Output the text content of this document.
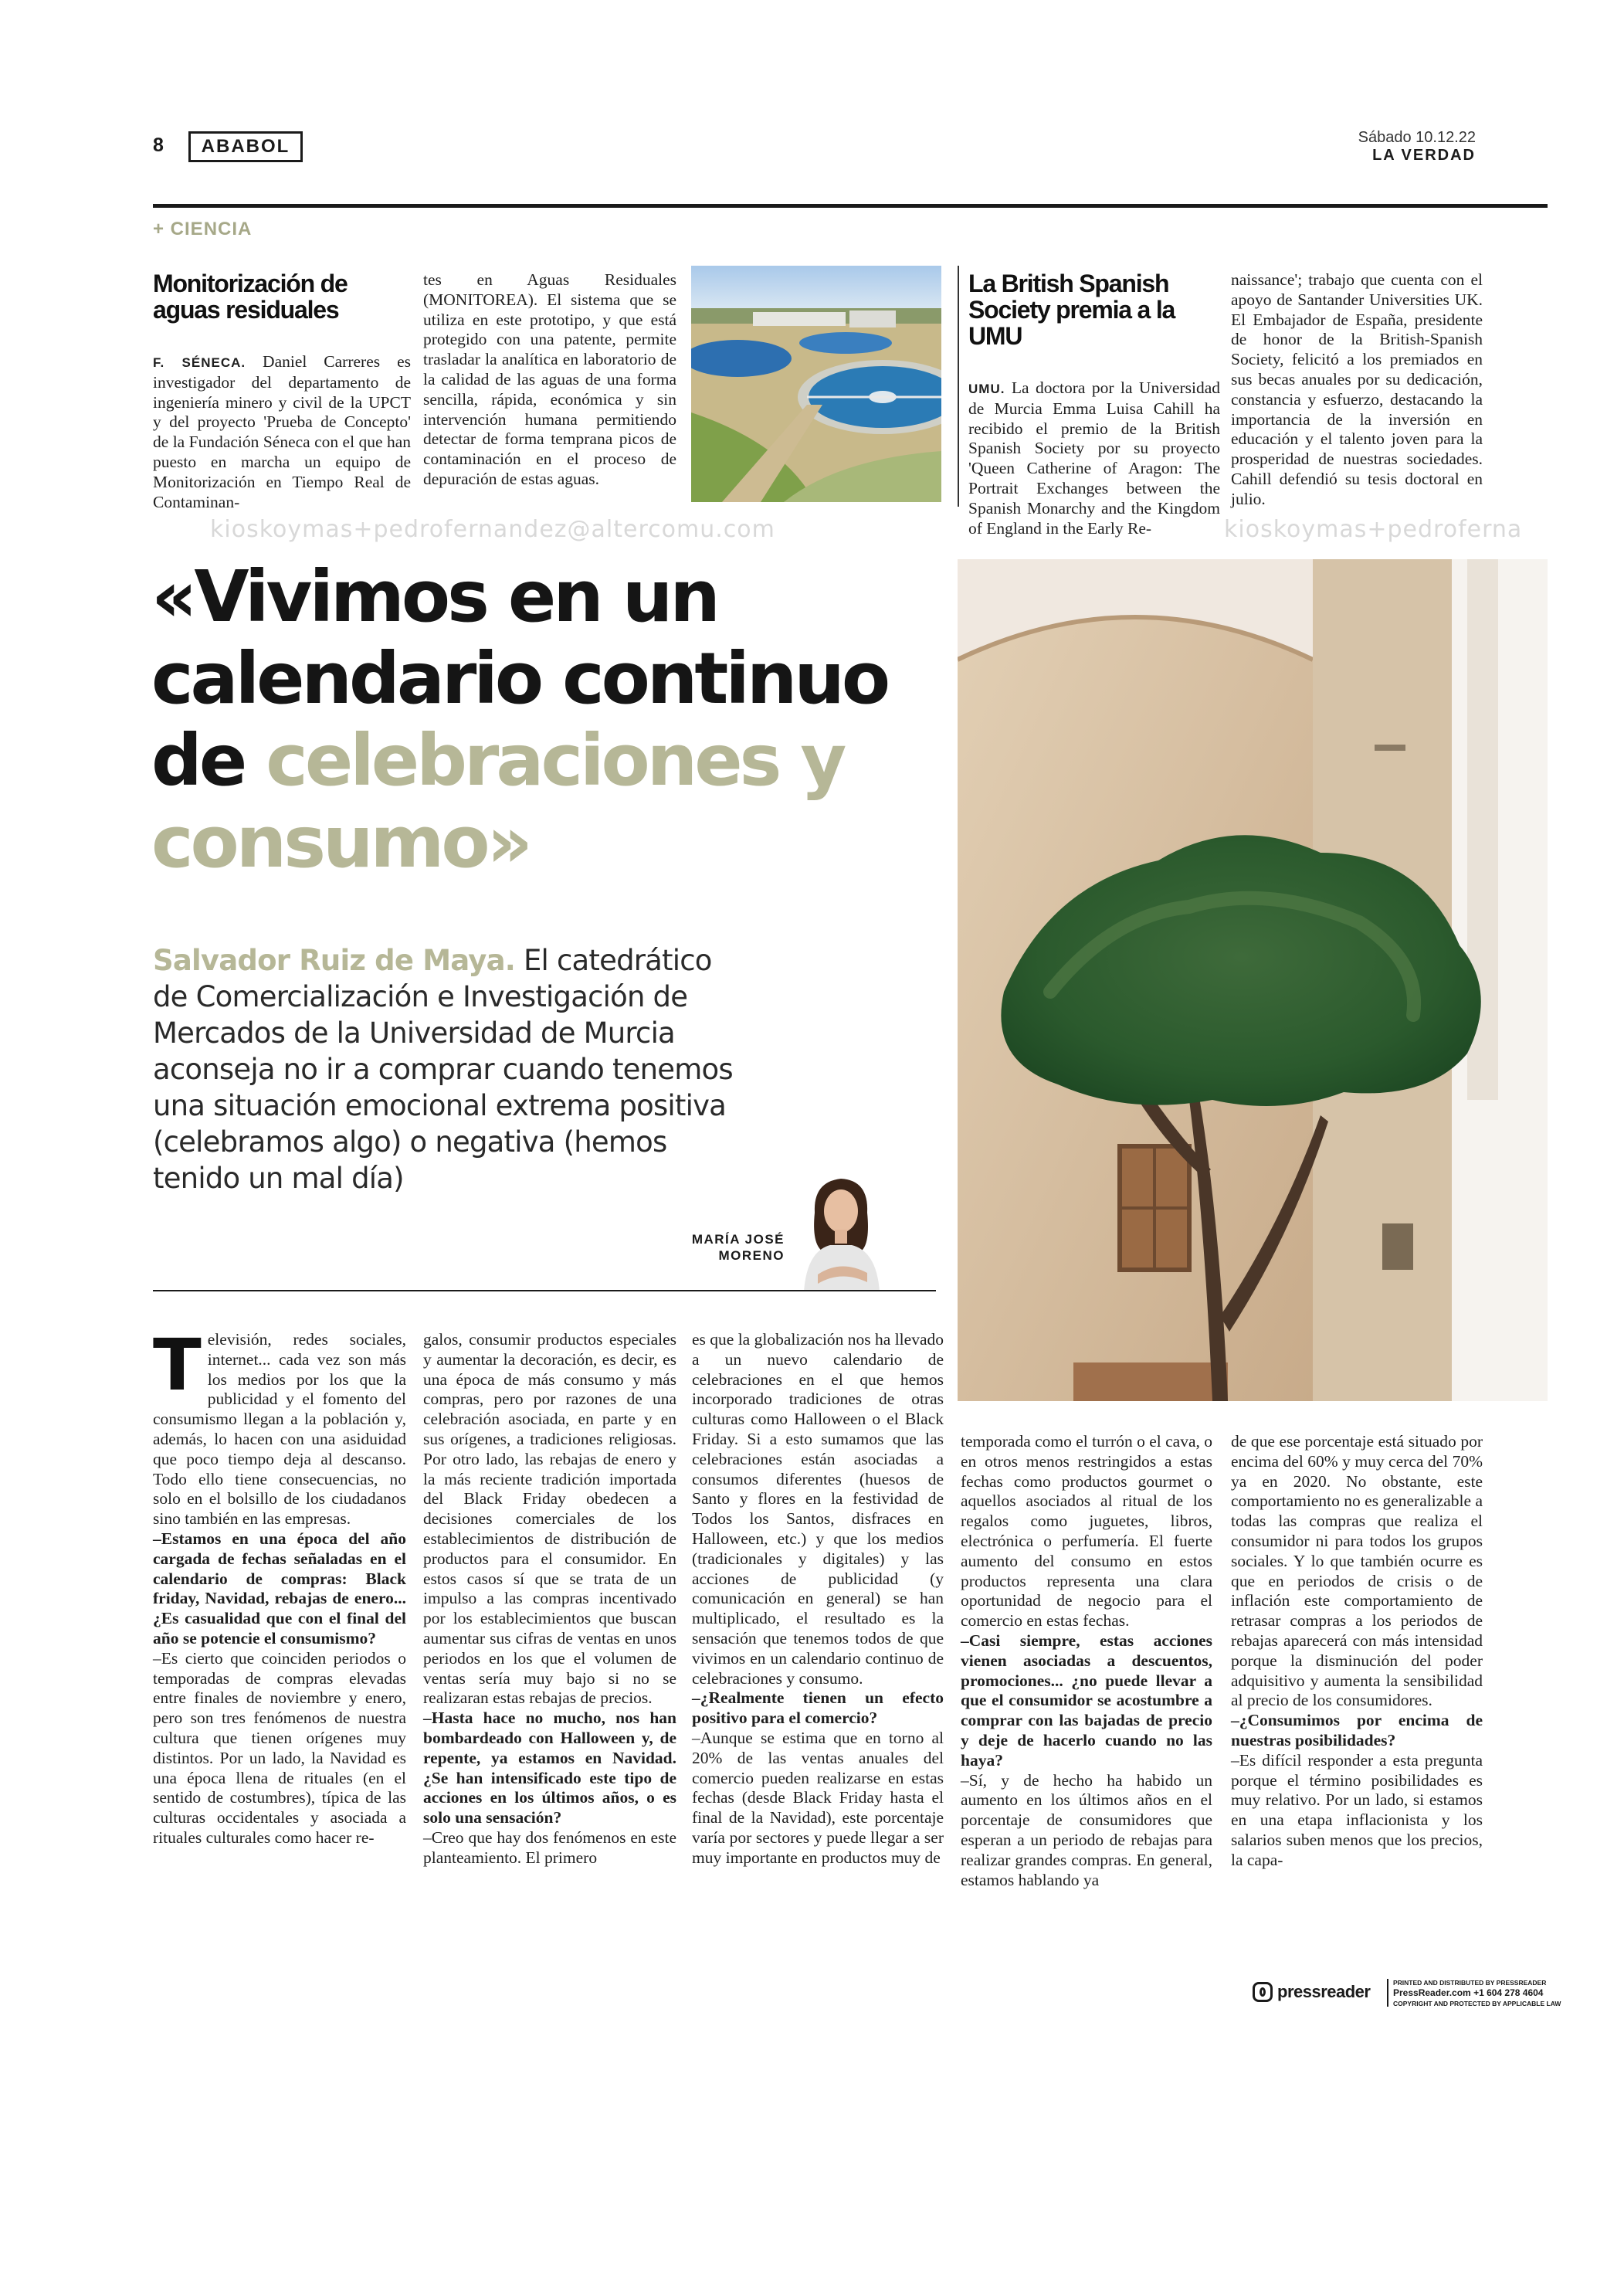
8	ABABOL	Sábado 10.12.22
LA VERDAD
+ CIENCIA
Monitorización de aguas residuales
F. SÉNECA. Daniel Carreres es investigador del departamento de ingeniería minero y civil de la UPCT y del proyecto 'Prueba de Concepto' de la Fundación Séneca con el que han puesto en marcha un equipo de Monitorización en Tiempo Real de Contaminan-
tes en Aguas Residuales (MONITOREA). El sistema que se utiliza en este prototipo, y que está protegido con una patente, permite trasladar la analítica en laboratorio de la calidad de las aguas de una forma sencilla, rápida, económica y sin intervención humana permitiendo detectar de forma temprana picos de contaminación en el proceso de depuración de estas aguas.
La British Spanish Society premia a la UMU
UMU. La doctora por la Universidad de Murcia Emma Luisa Cahill ha recibido el premio de la British Spanish Society por su proyecto 'Queen Catherine of Aragon: The Portrait Exchanges between the Spanish Monarchy and the Kingdom of England in the Early Re-
naissance'; trabajo que cuenta con el apoyo de Santander Universities UK. El Embajador de España, presidente de honor de la British-Spanish Society, felicitó a los premiados en sus becas anuales por su dedicación, constancia y esfuerzo, destacando la importancia de la inversión en educación y el talento joven para la prosperidad de nuestras sociedades. Cahill defendió su tesis doctoral en julio.
kioskoymas+pedrofernandez@altercomu.com	kioskoymas+pedroferna
«Vivimos en un calendario continuo de celebraciones y consumo»
Salvador Ruiz de Maya. El catedrático de Comercialización e Investigación de Mercados de la Universidad de Murcia aconseja no ir a comprar cuando tenemos una situación emocional extrema positiva (celebramos algo) o negativa (hemos tenido un mal día)
MARÍA JOSÉ
MORENO
Televisión, redes sociales, internet... cada vez son más los medios por los que la publicidad y el fomento del consumismo llegan a la población y, además, lo hacen con una asiduidad que poco tiempo deja al descanso. Todo ello tiene consecuencias, no solo en el bolsillo de los ciudadanos sino también en las empresas.
–Estamos en una época del año cargada de fechas señaladas en el calendario de compras: Black friday, Navidad, rebajas de enero... ¿Es casualidad que con el final del año se potencie el consumismo?
–Es cierto que coinciden periodos o temporadas de compras elevadas entre finales de noviembre y enero, pero son tres fenómenos de nuestra cultura que tienen orígenes muy distintos. Por un lado, la Navidad es una época llena de rituales (en el sentido de costumbres), típica de las culturas occidentales y asociada a rituales culturales como hacer re-
galos, consumir productos especiales y aumentar la decoración, es decir, es una época de más consumo y más compras, pero por razones de una celebración asociada, en parte y en sus orígenes, a tradiciones religiosas. Por otro lado, las rebajas de enero y la más reciente tradición importada del Black Friday obedecen a decisiones comerciales de los establecimientos de distribución de productos para el consumidor. En estos casos sí que se trata de un impulso a las compras incentivado por los establecimientos que buscan aumentar sus cifras de ventas en unos periodos en los que el volumen de ventas sería muy bajo si no se realizaran estas rebajas de precios.
–Hasta hace no mucho, nos han bombardeado con Halloween y, de repente, ya estamos en Navidad. ¿Se han intensificado este tipo de acciones en los últimos años, o es solo una sensación?
–Creo que hay dos fenómenos en este planteamiento. El primero
es que la globalización nos ha llevado a un nuevo calendario de celebraciones en el que hemos incorporado tradiciones de otras culturas como Halloween o el Black Friday. Si a esto sumamos que las celebraciones están asociadas a consumos diferentes (huesos de Santo y flores en la festividad de Todos los Santos, disfraces en Halloween, etc.) y que los medios (tradicionales y digitales) y las acciones de publicidad (y comunicación en general) se han multiplicado, el resultado es la sensación que tenemos todos de que vivimos en un calendario continuo de celebraciones y consumo.
–¿Realmente tienen un efecto positivo para el comercio?
–Aunque se estima que en torno al 20% de las ventas anuales del comercio pueden realizarse en estas fechas (desde Black Friday hasta el final de la Navidad), este porcentaje varía por sectores y puede llegar a ser muy importante en productos muy de
temporada como el turrón o el cava, o en otros menos restringidos a estas fechas como productos gourmet o aquellos asociados al ritual de los regalos como juguetes, libros, electrónica o perfumería. El fuerte aumento del consumo en estos productos representa una clara oportunidad de negocio para el comercio en estas fechas.
–Casi siempre, estas acciones vienen asociadas a descuentos, promociones... ¿no puede llevar a que el consumidor se acostumbre a comprar con las bajadas de precio y deje de hacerlo cuando no las haya?
–Sí, y de hecho ha habido un aumento en los últimos años en el porcentaje de consumidores que esperan a un periodo de rebajas para realizar grandes compras. En general, estamos hablando ya
de que ese porcentaje está situado por encima del 60% y muy cerca del 70% ya en 2020. No obstante, este comportamiento no es generalizable a todas las compras que realiza el consumidor ni para todos los grupos sociales. Y lo que también ocurre es que en periodos de crisis o de inflación este comportamiento de retrasar compras a los periodos de rebajas aparecerá con más intensidad porque la disminución del poder adquisitivo y aumenta la sensibilidad al precio de los consumidores.
–¿Consumimos por encima de nuestras posibilidades?
–Es difícil responder a esta pregunta porque el término posibilidades es muy relativo. Por un lado, si estamos en una etapa inflacionista y los salarios suben menos que los precios, la capa-
pressreader	PRINTED AND DISTRIBUTED BY PRESSREADER
PressReader.com +1 604 278 4604
COPYRIGHT AND PROTECTED BY APPLICABLE LAW
